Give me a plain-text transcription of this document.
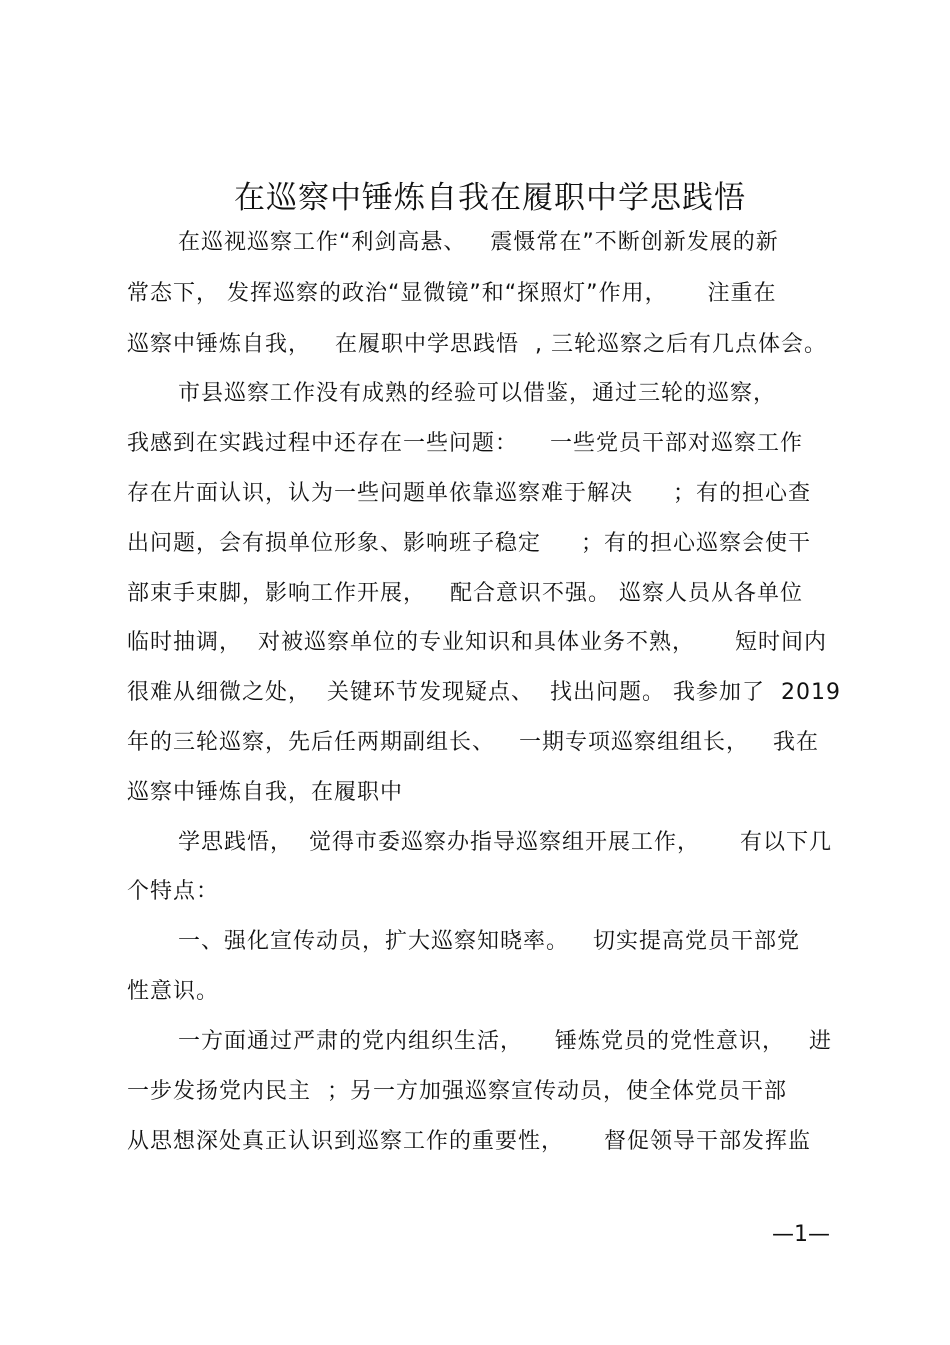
在巡察中锤炼自我在履职中学思践悟
在巡视巡察工作“利剑高悬、   震慑常在”不断创新发展的新
常态下， 发挥巡察的政治“显微镜”和“探照灯”作用，     注重在
巡察中锤炼自我，   在履职中学思践悟  , 三轮巡察之后有几点体会。
市县巡察工作没有成熟的经验可以借鉴，通过三轮的巡察，
我感到在实践过程中还存在一些问题：    一些党员干部对巡察工作
存在片面认识，认为一些问题单依靠巡察难于解决     ；有的担心查
出问题，会有损单位形象、影响班子稳定     ；有的担心巡察会使干
部束手束脚，影响工作开展，   配合意识不强。 巡察人员从各单位
临时抽调，  对被巡察单位的专业知识和具体业务不熟，     短时间内
很难从细微之处，  关键环节发现疑点、  找出问题。 我参加了  2019
年的三轮巡察，先后任两期副组长、   一期专项巡察组组长，   我在
巡察中锤炼自我，在履职中
学思践悟，  觉得市委巡察办指导巡察组开展工作，     有以下几
个特点：
一、强化宣传动员，扩大巡察知晓率。   切实提高党员干部党
性意识。
一方面通过严肃的党内组织生活，    锤炼党员的党性意识，   进
一步发扬党内民主  ；另一方加强巡察宣传动员，使全体党员干部
从思想深处真正认识到巡察工作的重要性，     督促领导干部发挥监
—1—
